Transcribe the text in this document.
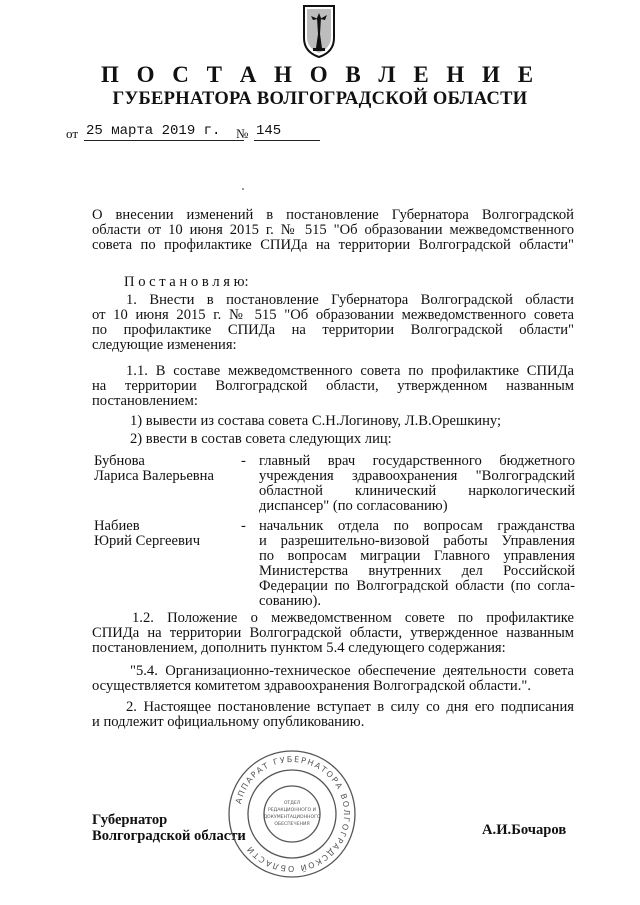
П О С Т А Н О В Л Е Н И Е
ГУБЕРНАТОРА ВОЛГОГРАДСКОЙ ОБЛАСТИ
от 25 марта 2019 г. № 145
О внесении изменений в постановление Губернатора Волгоградской
области от 10 июня 2015 г. № 515 "Об образовании межведомственного
совета по профилактике СПИДа на территории Волгоградской области"
П о с т а н о в л я ю:
1. Внести в постановление Губернатора Волгоградской области
от 10 июня 2015 г. № 515 "Об образовании межведомственного совета
по профилактике СПИДа на территории Волгоградской области"
следующие изменения:
1.1. В составе межведомственного совета по профилактике СПИДа
на территории Волгоградской области, утвержденном названным
постановлением:
1) вывести из состава совета С.Н.Логинову, Л.В.Орешкину;
2) ввести в состав совета следующих лиц:
Бубнова
Лариса Валерьевна
- главный врач государственного бюджетного
учреждения здравоохранения "Волгоградский
областной клинический наркологический
диспансер" (по согласованию)
Набиев
Юрий Сергеевич
- начальник отдела по вопросам гражданства
и разрешительно-визовой работы Управления
по вопросам миграции Главного управления
Министерства внутренних дел Российской
Федерации по Волгоградской области (по согла-
сованию).
1.2. Положение о межведомственном совете по профилактике
СПИДа на территории Волгоградской области, утвержденное названным
постановлением, дополнить пунктом 5.4 следующего содержания:
"5.4. Организационно-техническое обеспечение деятельности совета
осуществляется комитетом здравоохранения Волгоградской области.".
2. Настоящее постановление вступает в силу со дня его подписания
и подлежит официальному опубликованию.
Губернатор
Волгоградской области	А.И.Бочаров
АППАРАТ ГУБЕРНАТОРА ВОЛГОГРАДСКОЙ ОБЛАСТИ
ОТДЕЛ
РЕДАКЦИОННОГО И
ДОКУМЕНТАЦИОННОГО
ОБЕСПЕЧЕНИЯ
